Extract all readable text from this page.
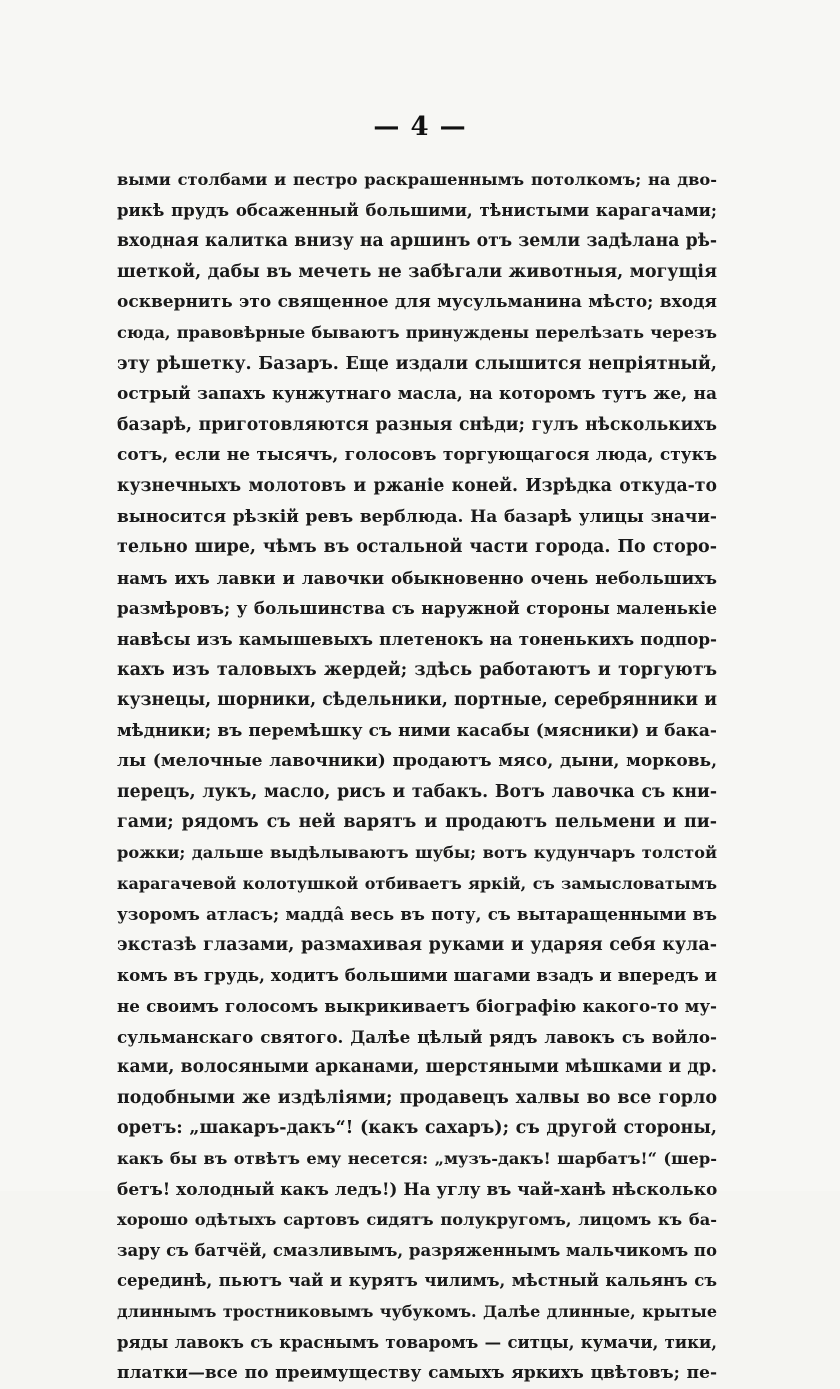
— 4 —
выми столбами и пестро раскрашеннымъ потолкомъ; на дво-
рикѣ прудъ обсаженный большими, тѣнистыми карагачами;
входная калитка внизу на аршинъ отъ земли задѣлана рѣ-
шеткой, дабы въ мечеть не забѣгали животныя, могущія
осквернить это священное для мусульманина мѣсто; входя
сюда, правовѣрные бываютъ принуждены перелѣзать черезъ
эту рѣшетку. Базаръ. Еще издали слышится непріятный,
острый запахъ кунжутнаго масла, на которомъ тутъ же, на
базарѣ, приготовляются разныя снѣди; гулъ нѣсколькихъ
сотъ, если не тысячъ, голосовъ торгующагося люда, стукъ
кузнечныхъ молотовъ и ржаніе коней. Изрѣдка откуда-то
выносится рѣзкій ревъ верблюда. На базарѣ улицы значи-
тельно шире, чѣмъ въ остальной части города. По сторо-
намъ ихъ лавки и лавочки обыкновенно очень небольшихъ
размѣровъ; у большинства съ наружной стороны маленькіе
навѣсы изъ камышевыхъ плетенокъ на тоненькихъ подпор-
кахъ изъ таловыхъ жердей; здѣсь работаютъ и торгуютъ
кузнецы, шорники, сѣдельники, портные, серебрянники и
мѣдники; въ перемѣшку съ ними касабы (мясники) и бака-
лы (мелочные лавочники) продаютъ мясо, дыни, морковь,
перецъ, лукъ, масло, рисъ и табакъ. Вотъ лавочка съ кни-
гами; рядомъ съ ней варятъ и продаютъ пельмени и пи-
рожки; дальше выдѣлываютъ шубы; вотъ кудунчаръ толстой
карагачевой колотушкой отбиваетъ яркій, съ замысловатымъ
узоромъ атласъ; маддâ весь въ поту, съ вытаращенными въ
экстазѣ глазами, размахивая руками и ударяя себя кула-
комъ въ грудь, ходитъ большими шагами взадъ и впередъ и
не своимъ голосомъ выкрикиваетъ біографію какого-то му-
сульманскаго святого. Далѣе цѣлый рядъ лавокъ съ войло-
ками, волосяными арканами, шерстяными мѣшками и др.
подобными же издѣліями; продавецъ халвы во все горло
оретъ: „шакаръ-дакъ“! (какъ сахаръ); съ другой стороны,
какъ бы въ отвѣтъ ему несется: „музъ-дакъ! шарбатъ!“ (шер-
бетъ! холодный какъ ледъ!) На углу въ чай-ханѣ нѣсколько
хорошо одѣтыхъ сартовъ сидятъ полукругомъ, лицомъ къ ба-
зару съ батчёй, смазливымъ, разряженнымъ мальчикомъ по
серединѣ, пьютъ чай и курятъ чилимъ, мѣстный кальянъ съ
длиннымъ тростниковымъ чубукомъ. Далѣе длинные, крытые
ряды лавокъ съ краснымъ товаромъ — ситцы, кумачи, тики,
платки—все по преимуществу самыхъ яркихъ цвѣтовъ; пе-
